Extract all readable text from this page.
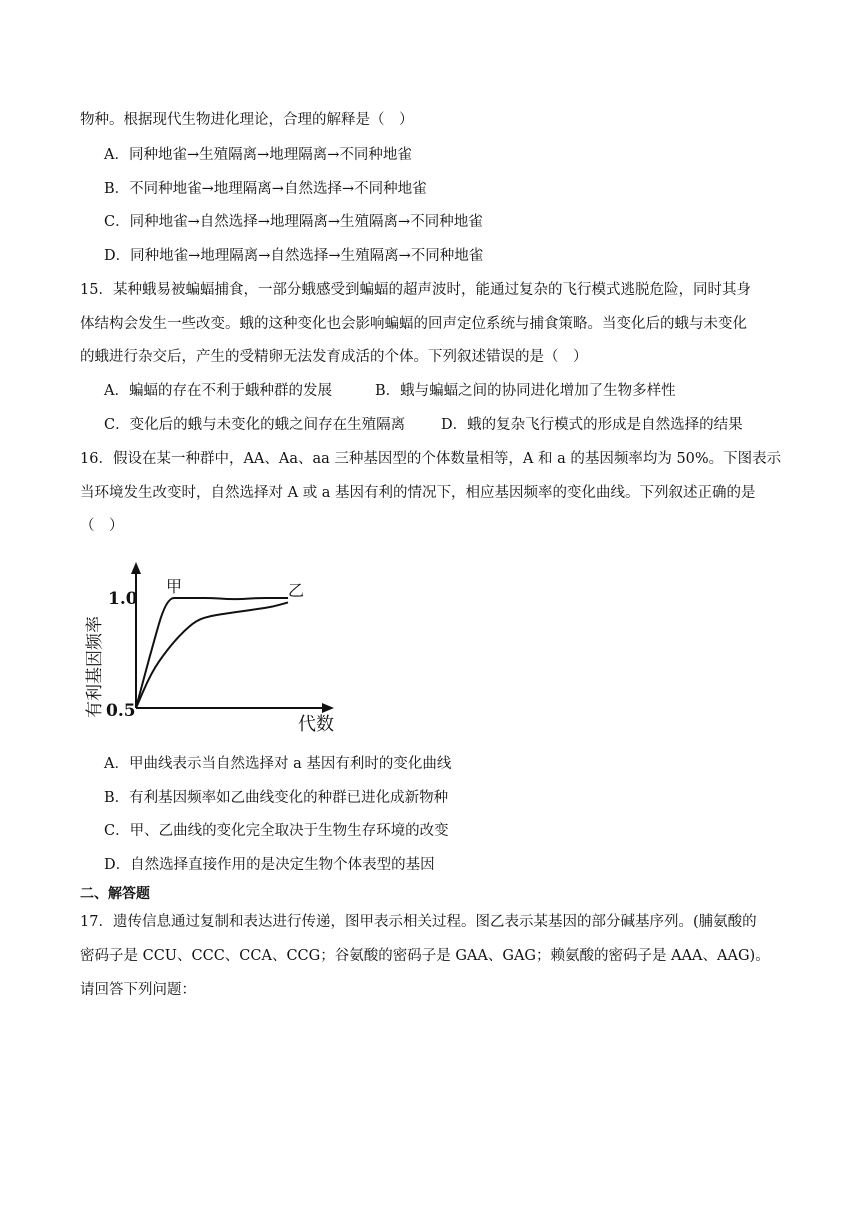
物种。根据现代生物进化理论，合理的解释是（　）
A．同种地雀→生殖隔离→地理隔离→不同种地雀
B．不同种地雀→地理隔离→自然选择→不同种地雀
C．同种地雀→自然选择→地理隔离→生殖隔离→不同种地雀
D．同种地雀→地理隔离→自然选择→生殖隔离→不同种地雀
15．某种蛾易被蝙蝠捕食，一部分蛾感受到蝙蝠的超声波时，能通过复杂的飞行模式逃脱危险，同时其身
体结构会发生一些改变。蛾的这种变化也会影响蝙蝠的回声定位系统与捕食策略。当变化后的蛾与未变化
的蛾进行杂交后，产生的受精卵无法发育成活的个体。下列叙述错误的是（　）
A．蝙蝠的存在不利于蛾种群的发展	B．蛾与蝙蝠之间的协同进化增加了生物多样性
C．变化后的蛾与未变化的蛾之间存在生殖隔离 D．蛾的复杂飞行模式的形成是自然选择的结果
16．假设在某一种群中，AA、Aa、aa 三种基因型的个体数量相等，A 和 a 的基因频率均为 50%。下图表示
当环境发生改变时，自然选择对 A 或 a 基因有利的情况下，相应基因频率的变化曲线。下列叙述正确的是
（　）
1.0
0.5
有利基因频率
代数
甲	乙
A．甲曲线表示当自然选择对 a 基因有利时的变化曲线
B．有利基因频率如乙曲线变化的种群已进化成新物种
C．甲、乙曲线的变化完全取决于生物生存环境的改变
D．自然选择直接作用的是决定生物个体表型的基因
二、解答题
17．遗传信息通过复制和表达进行传递，图甲表示相关过程。图乙表示某基因的部分碱基序列。(脯氨酸的
密码子是 CCU、CCC、CCA、CCG；谷氨酸的密码子是 GAA、GAG；赖氨酸的密码子是 AAA、AAG)。
请回答下列问题：
